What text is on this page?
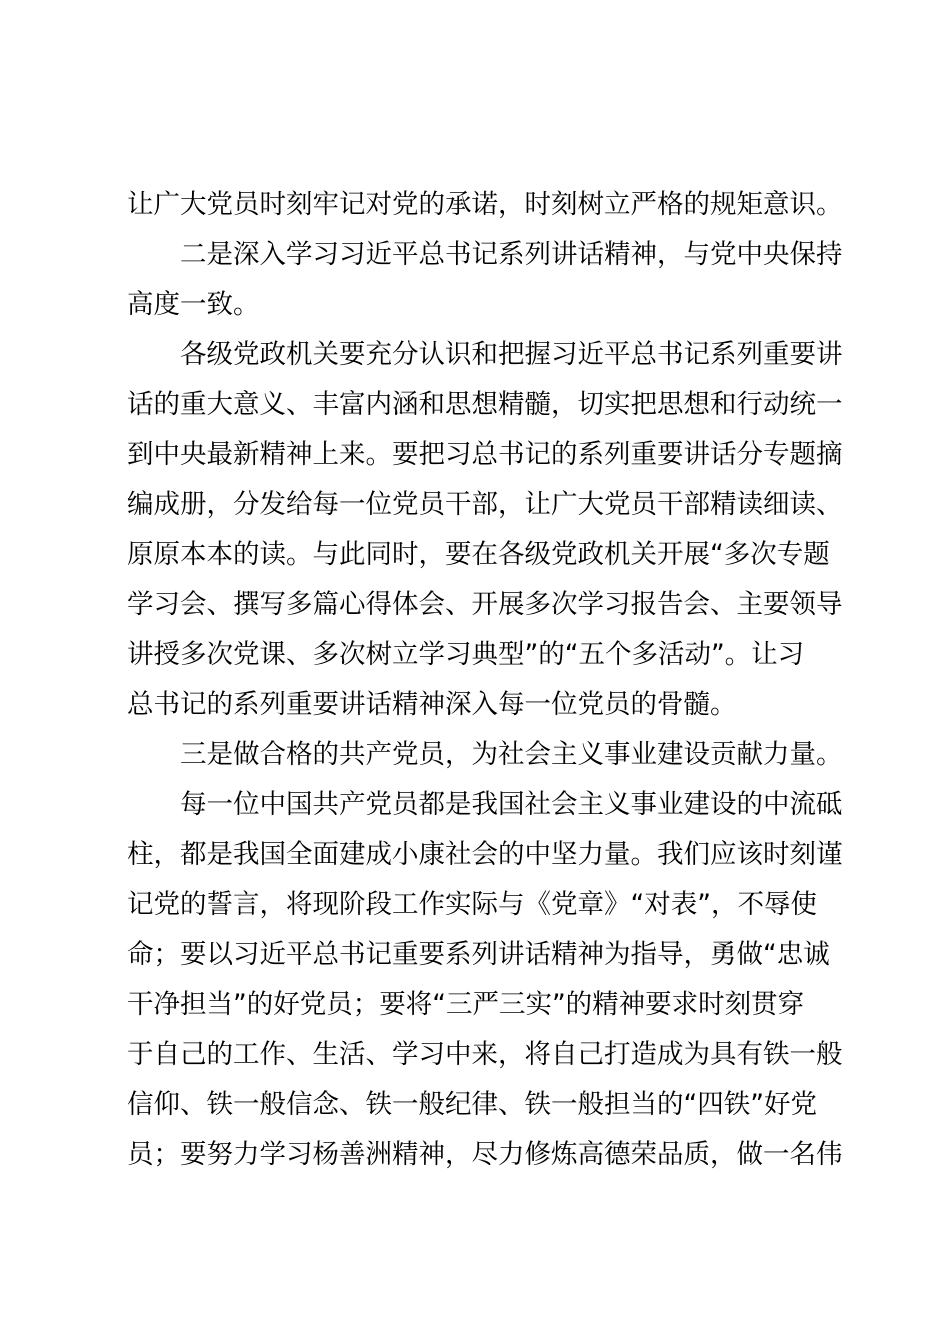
让广大党员时刻牢记对党的承诺，时刻树立严格的规矩意识。
　　二是深入学习习近平总书记系列讲话精神，与党中央保持
高度一致。
　　各级党政机关要充分认识和把握习近平总书记系列重要讲
话的重大意义、丰富内涵和思想精髓，切实把思想和行动统一
到中央最新精神上来。要把习总书记的系列重要讲话分专题摘
编成册，分发给每一位党员干部，让广大党员干部精读细读、
原原本本的读。与此同时，要在各级党政机关开展“多次专题
学习会、撰写多篇心得体会、开展多次学习报告会、主要领导
讲授多次党课、多次树立学习典型”的“五个多活动”。让习
总书记的系列重要讲话精神深入每一位党员的骨髓。
　　三是做合格的共产党员，为社会主义事业建设贡献力量。
　　每一位中国共产党员都是我国社会主义事业建设的中流砥
柱，都是我国全面建成小康社会的中坚力量。我们应该时刻谨
记党的誓言，将现阶段工作实际与《党章》“对表”，不辱使
命；要以习近平总书记重要系列讲话精神为指导，勇做“忠诚
干净担当”的好党员；要将“三严三实”的精神要求时刻贯穿
于自己的工作、生活、学习中来，将自己打造成为具有铁一般
信仰、铁一般信念、铁一般纪律、铁一般担当的“四铁”好党
员；要努力学习杨善洲精神，尽力修炼高德荣品质，做一名伟
